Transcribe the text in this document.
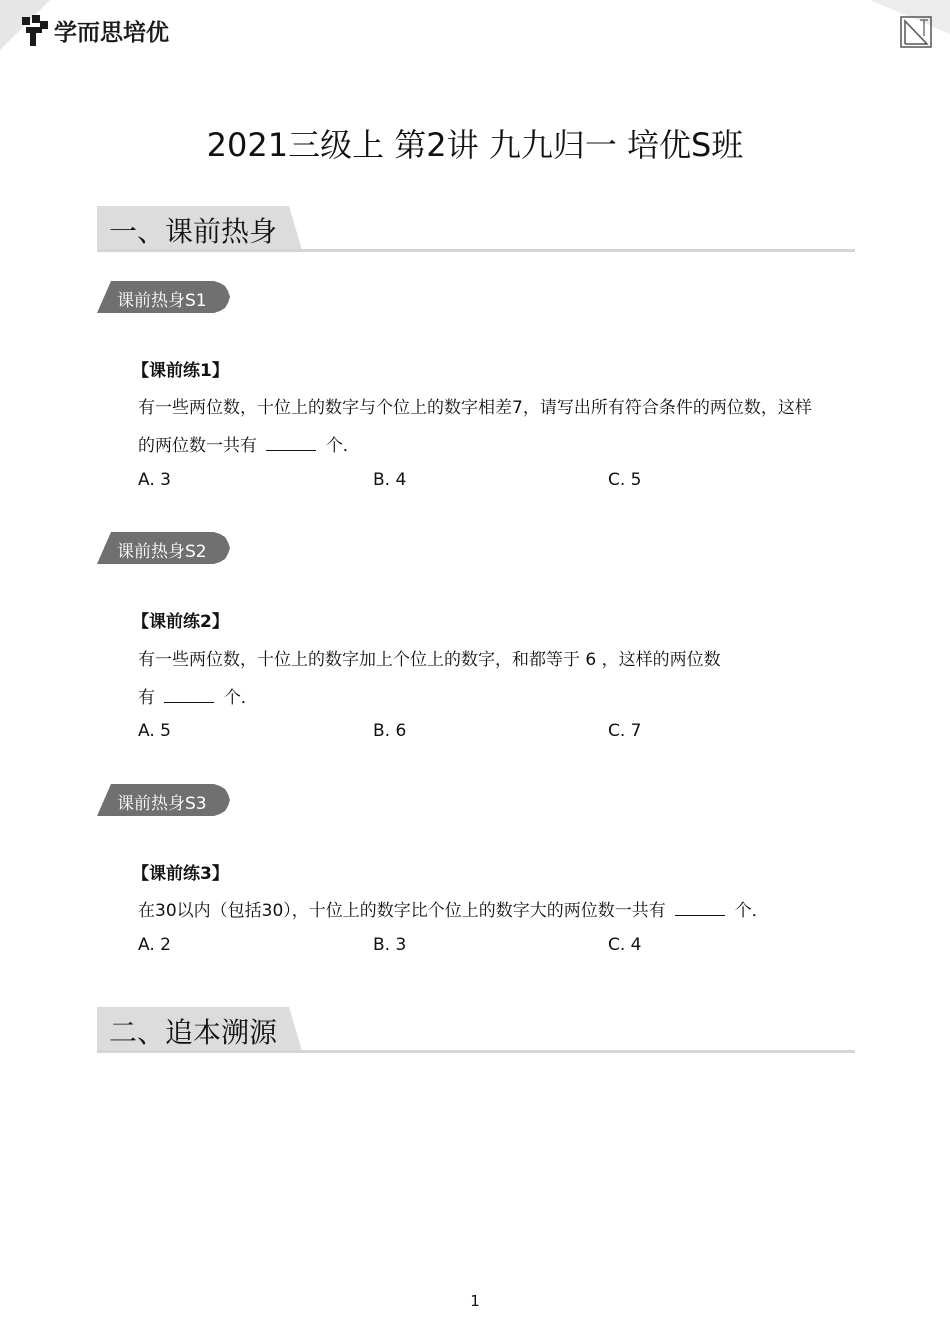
学而思培优
2021三级上 第2讲 九九归一 培优S班
一、课前热身
课前热身S1
【课前练1】
有一些两位数，十位上的数字与个位上的数字相差7，请写出所有符合条件的两位数，这样
的两位数一共有	个．
A. 3	B. 4	C. 5
课前热身S2
【课前练2】
有一些两位数，十位上的数字加上个位上的数字，和都等于 6 ，这样的两位数
有	个．
A. 5	B. 6	C. 7
课前热身S3
【课前练3】
在30以内（包括30），十位上的数字比个位上的数字大的两位数一共有	个．
A. 2	B. 3	C. 4
二、追本溯源
1
